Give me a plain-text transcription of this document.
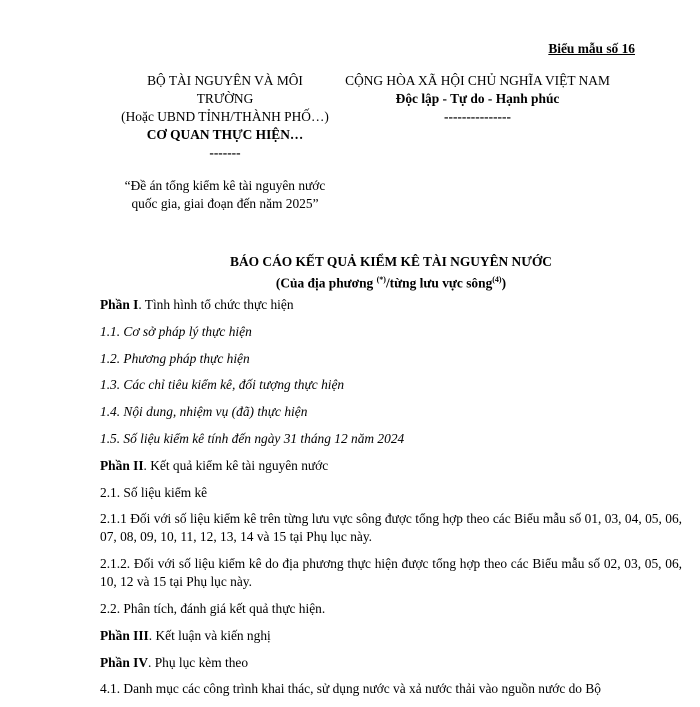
Biểu mẫu số 16
BỘ TÀI NGUYÊN VÀ MÔI
TRƯỜNG
(Hoặc UBND TỈNH/THÀNH PHỐ…)
CƠ QUAN THỰC HIỆN…
-------
CỘNG HÒA XÃ HỘI CHỦ NGHĨA VIỆT NAM
Độc lập - Tự do - Hạnh phúc
---------------
“Đề án tổng kiểm kê tài nguyên nước
quốc gia, giai đoạn đến năm 2025”
BÁO CÁO KẾT QUẢ KIỂM KÊ TÀI NGUYÊN NƯỚC
(Của địa phương (*)/từng lưu vực sông$^{(4)}$)

Phần I. Tình hình tổ chức thực hiện

1.1. Cơ sở pháp lý thực hiện

1.2. Phương pháp thực hiện

1.3. Các chỉ tiêu kiểm kê, đối tượng thực hiện

1.4. Nội dung, nhiệm vụ (đã) thực hiện

1.5. Số liệu kiểm kê tính đến ngày 31 tháng 12 năm 2024

Phần II. Kết quả kiểm kê tài nguyên nước

2.1. Số liệu kiểm kê

2.1.1 Đối với số liệu kiểm kê trên từng lưu vực sông được tổng hợp theo các Biểu mẫu số 01, 03, 04, 05, 06, 07, 08, 09, 10, 11, 12, 13, 14 và 15 tại Phụ lục này.

2.1.2. Đối với số liệu kiểm kê do địa phương thực hiện được tổng hợp theo các Biểu mẫu số 02, 03, 05, 06, 10, 12 và 15 tại Phụ lục này.

2.2. Phân tích, đánh giá kết quả thực hiện.

Phần III. Kết luận và kiến nghị

Phần IV. Phụ lục kèm theo

4.1. Danh mục các công trình khai thác, sử dụng nước và xả nước thải vào nguồn nước do Bộ
